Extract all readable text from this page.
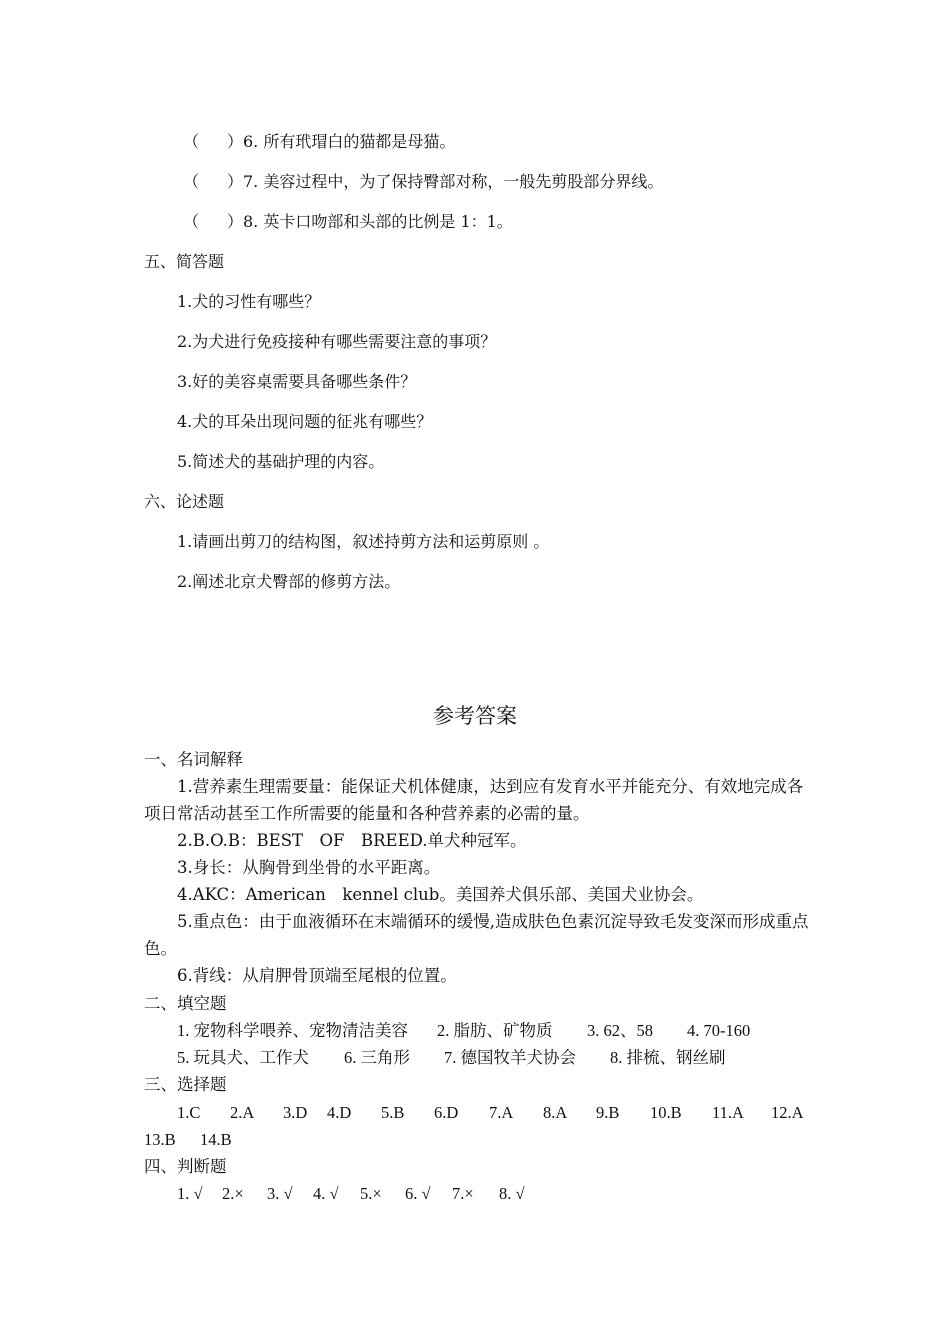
（ ）6. 所有玳瑁白的猫都是母猫。
（ ）7. 美容过程中，为了保持臀部对称，一般先剪股部分界线。
（ ）8. 英卡口吻部和头部的比例是 1：1。
五、简答题
1.犬的习性有哪些？
2.为犬进行免疫接种有哪些需要注意的事项？
3.好的美容桌需要具备哪些条件？
4.犬的耳朵出现问题的征兆有哪些？
5.简述犬的基础护理的内容。
六、论述题
1.请画出剪刀的结构图，叙述持剪方法和运剪原则 。
2.阐述北京犬臀部的修剪方法。
参考答案
一、名词解释
1.营养素生理需要量：能保证犬机体健康，达到应有发育水平并能充分、有效地完成各
项日常活动甚至工作所需要的能量和各种营养素的必需的量。
2.B.O.B：BEST　OF　BREED.单犬种冠军。
3.身长：从胸骨到坐骨的水平距离。
4.AKC：American　kennel club。美国养犬俱乐部、美国犬业协会。
5.重点色：由于血液循环在末端循环的缓慢,造成肤色色素沉淀导致毛发变深而形成重点
色。
6.背线：从肩胛骨顶端至尾根的位置。
二、填空题
1. 宠物科学喂养、宠物清洁美容 2. 脂肪、矿物质 3. 62、58 4. 70-160
5. 玩具犬、工作犬 6. 三角形 7. 德国牧羊犬协会 8. 排梳、钢丝刷
三、选择题
1.C 2.A 3.D 4.D 5.B 6.D 7.A 8.A 9.B 10.B 11.A 12.A
13.B 14.B
四、判断题
1. √ 2.× 3. √ 4. √ 5.× 6. √ 7.× 8. √
